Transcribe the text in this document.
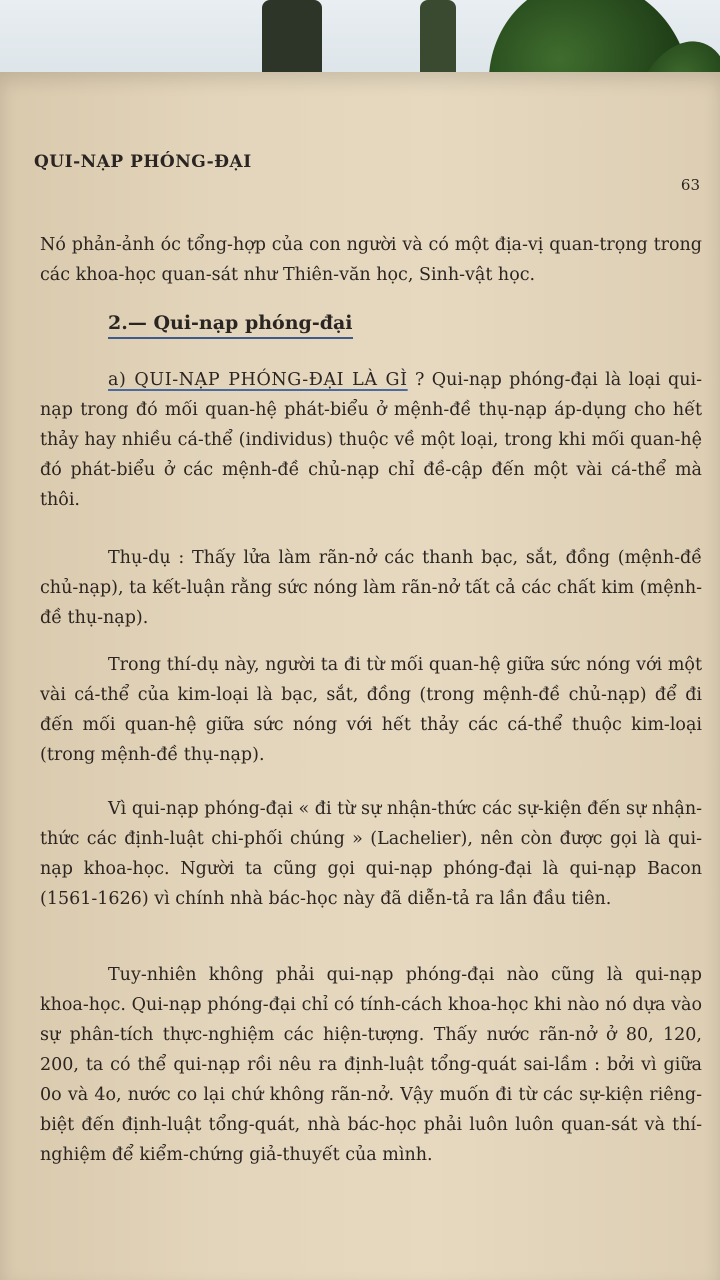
QUI-NẠP PHÓNG-ĐẠI
63

Nó phản-ảnh óc tổng-hợp của con người và có một địa-vị quan-trọng trong các khoa-học quan-sát như Thiên-văn học, Sinh-vật học.

2.— Qui-nạp phóng-đại

a) QUI-NẠP PHÓNG-ĐẠI LÀ GÌ ? Qui-nạp phóng-đại là loại qui-nạp trong đó mối quan-hệ phát-biểu ở mệnh-đề thụ-nạp áp-dụng cho hết thảy hay nhiều cá-thể (individus) thuộc về một loại, trong khi mối quan-hệ đó phát-biểu ở các mệnh-đề chủ-nạp chỉ đề-cập đến một vài cá-thể mà thôi.

Thụ-dụ : Thấy lửa làm rãn-nở các thanh bạc, sắt, đồng (mệnh-đề chủ-nạp), ta kết-luận rằng sức nóng làm rãn-nở tất cả các chất kim (mệnh-đề thụ-nạp).

Trong thí-dụ này, người ta đi từ mối quan-hệ giữa sức nóng với một vài cá-thể của kim-loại là bạc, sắt, đồng (trong mệnh-đề chủ-nạp) để đi đến mối quan-hệ giữa sức nóng với hết thảy các cá-thể thuộc kim-loại (trong mệnh-đề thụ-nạp).

Vì qui-nạp phóng-đại « đi từ sự nhận-thức các sự-kiện đến sự nhận-thức các định-luật chi-phối chúng » (Lachelier), nên còn được gọi là qui-nạp khoa-học. Người ta cũng gọi qui-nạp phóng-đại là qui-nạp Bacon (1561-1626) vì chính nhà bác-học này đã diễn-tả ra lần đầu tiên.

Tuy-nhiên không phải qui-nạp phóng-đại nào cũng là qui-nạp khoa-học. Qui-nạp phóng-đại chỉ có tính-cách khoa-học khi nào nó dựa vào sự phân-tích thực-nghiệm các hiện-tượng. Thấy nước rãn-nở ở 80, 120, 200, ta có thể qui-nạp rồi nêu ra định-luật tổng-quát sai-lầm : bởi vì giữa 0o và 4o, nước co lại chứ không rãn-nở. Vậy muốn đi từ các sự-kiện riêng-biệt đến định-luật tổng-quát, nhà bác-học phải luôn luôn quan-sát và thí-nghiệm để kiểm-chứng giả-thuyết của mình.
